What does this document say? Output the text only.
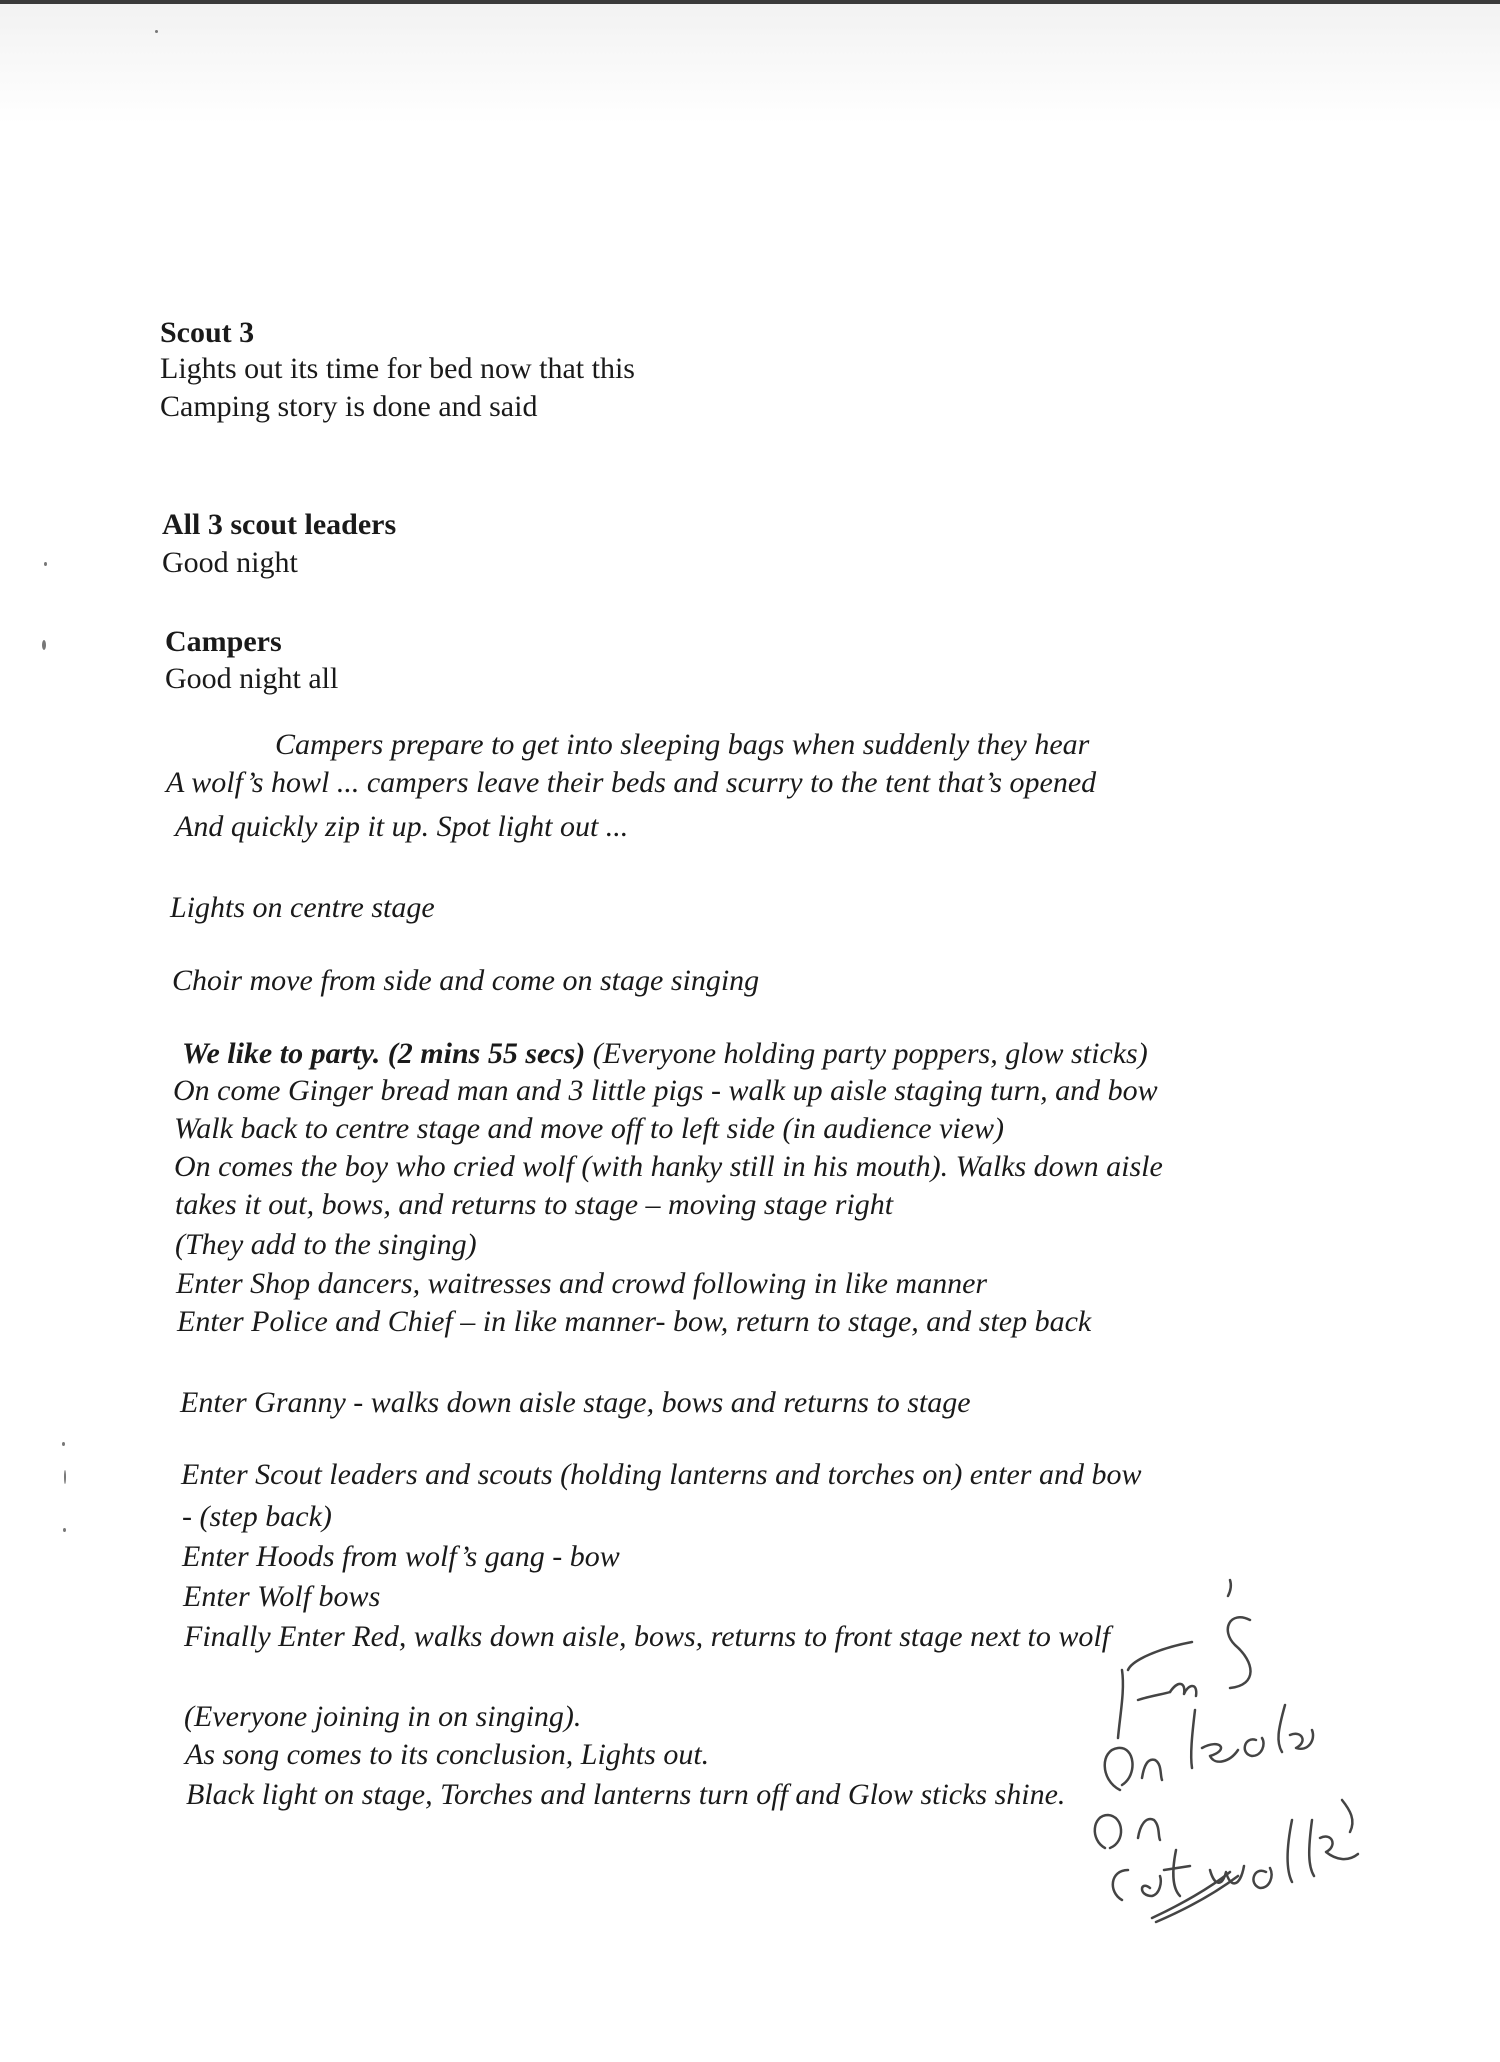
Scout 3
Lights out its time for bed now that this
Camping story is done and said
All 3 scout leaders
Good night
Campers
Good night all
Campers prepare to get into sleeping bags when suddenly they hear
A wolf’s howl ... campers leave their beds and scurry to the tent that’s opened
And quickly zip it up. Spot light out ...
Lights on centre stage
Choir move from side and come on stage singing
We like to party. (2 mins 55 secs) (Everyone holding party poppers, glow sticks)
On come Ginger bread man and 3 little pigs - walk up aisle staging turn, and bow
Walk back to centre stage and move off to left side (in audience view)
On comes the boy who cried wolf (with hanky still in his mouth). Walks down aisle
takes it out, bows, and returns to stage – moving stage right
(They add to the singing)
Enter Shop dancers, waitresses and crowd following in like manner
Enter Police and Chief – in like manner- bow, return to stage, and step back
Enter Granny - walks down aisle stage, bows and returns to stage
Enter Scout leaders and scouts (holding lanterns and torches on) enter and bow
- (step back)
Enter Hoods from wolf’s gang - bow
Enter Wolf bows
Finally Enter Red, walks down aisle, bows, returns to front stage next to wolf
(Everyone joining in on singing).
As song comes to its conclusion, Lights out.
Black light on stage, Torches and lanterns turn off and Glow sticks shine.
